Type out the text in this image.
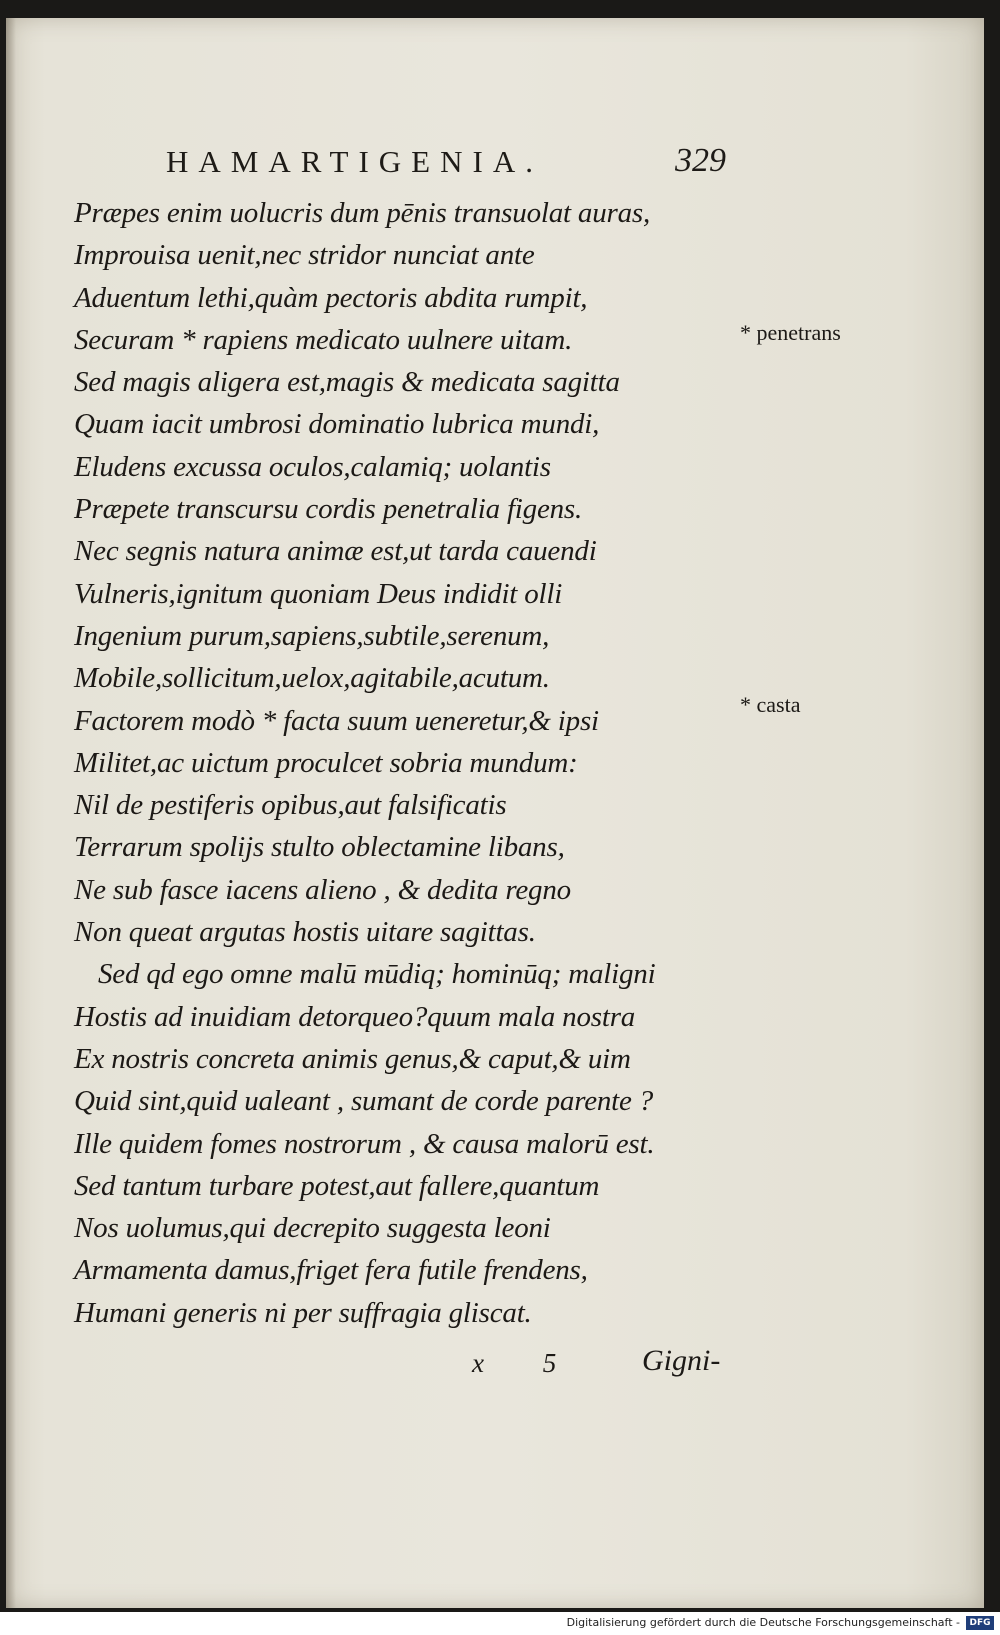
HAMARTIGENIA.	329
Præpes enim uolucris dum pēnis transuolat auras,
Improuisa uenit,nec stridor nunciat ante
Aduentum lethi,quàm pectoris abdita rumpit,
Securam * rapiens medicato uulnere uitam.
Sed magis aligera est,magis & medicata sagitta
Quam iacit umbrosi dominatio lubrica mundi,
Eludens excussa oculos,calamiq; uolantis
Præpete transcursu cordis penetralia figens.
Nec segnis natura animæ est,ut tarda cauendi
Vulneris,ignitum quoniam Deus indidit olli
Ingenium purum,sapiens,subtile,serenum,
Mobile,sollicitum,uelox,agitabile,acutum.
Factorem modò * facta suum ueneretur,& ipsi
Militet,ac uictum proculcet sobria mundum:
Nil de pestiferis opibus,aut falsificatis
Terrarum spolijs stulto oblectamine libans,
Ne sub fasce iacens alieno , & dedita regno
Non queat argutas hostis uitare sagittas.
Sed qd ego omne malū mūdiq; hominūq; maligni
Hostis ad inuidiam detorqueo?quum mala nostra
Ex nostris concreta animis genus,& caput,& uim
Quid sint,quid ualeant , sumant de corde parente ?
Ille quidem fomes nostrorum , & causa malorū est.
Sed tantum turbare potest,aut fallere,quantum
Nos uolumus,qui decrepito suggesta leoni
Armamenta damus,friget fera futile frendens,
Humani generis ni per suffragia gliscat.
* penetrans
* casta
x 5 Gigni-
Digitalisierung gefördert durch die Deutsche Forschungsgemeinschaft -	DFG
